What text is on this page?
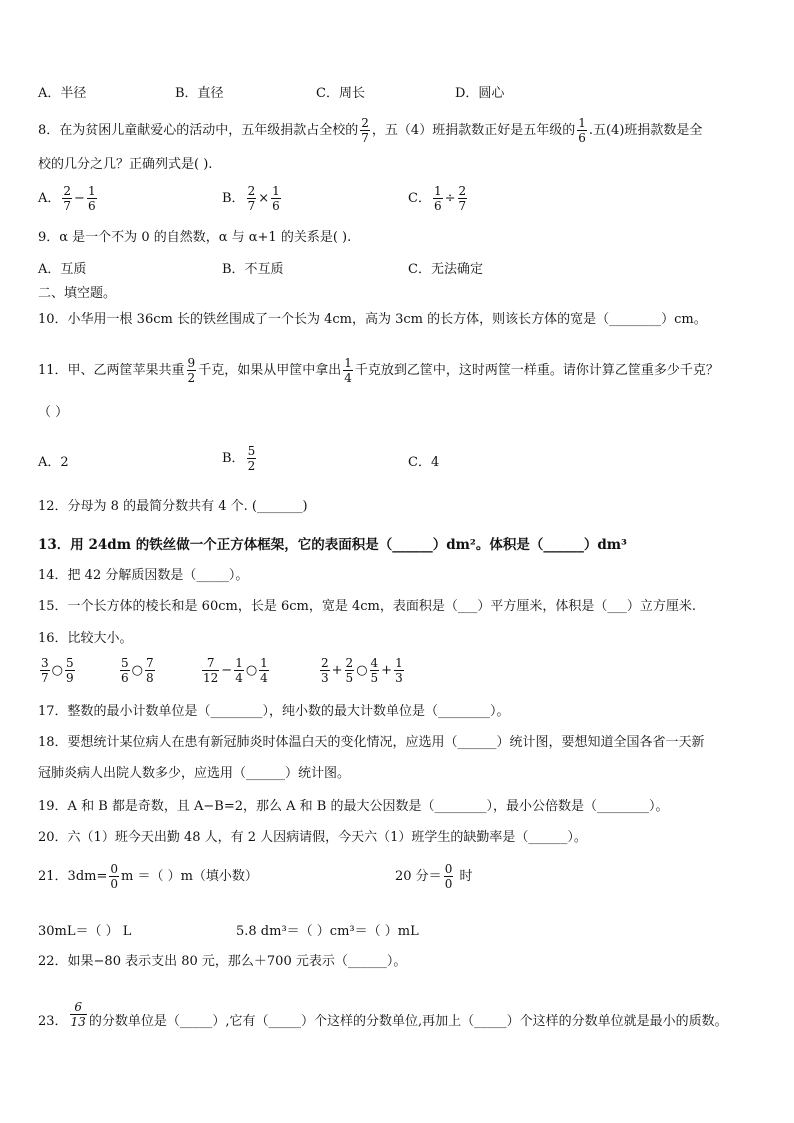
A．半径	B．直径	C．周长	D．圆心
8．在为贫困儿童献爱心的活动中，五年级捐款占全校的 $\frac{2}{7}$ ，五（4）班捐款数正好是五年级的 $\frac{1}{6}$ .五(4)班捐款数是全
校的几分之几？正确列式是( ).
A． $\frac{2}{7} - \frac{1}{6}$	B． $\frac{2}{7} \times \frac{1}{6}$	C． $\frac{1}{6} \div \frac{2}{7}$
9．α 是一个不为 0 的自然数，α 与 α+1 的关系是( ).
A．互质	B．不互质	C．无法确定
二、填空题。
10．小华用一根 36cm 长的铁丝围成了一个长为 4cm，高为 3cm 的长方体，则该长方体的宽是（________）cm。
11．甲、乙两筐苹果共重 $\frac{9}{2}$ 千克，如果从甲筐中拿出 $\frac{1}{4}$ 千克放到乙筐中，这时两筐一样重。请你计算乙筐重多少千克？
（ ）
A．2	B． $\frac{5}{2}$	C．4
12．分母为 8 的最简分数共有 4 个. (_______)
13．用 24dm 的铁丝做一个正方体框架，它的表面积是（______）dm²。体积是（______）dm³
14．把 42 分解质因数是（_____）。
15．一个长方体的棱长和是 60cm，长是 6cm，宽是 4cm，表面积是（___）平方厘米，体积是（___）立方厘米.
16．比较大小。
$\frac{3}{7}$ ○ $\frac{5}{9}$	$\frac{5}{6}$ ○ $\frac{7}{8}$	$\frac{7}{12} - \frac{1}{4}$ ○ $\frac{1}{4}$	$\frac{2}{3} + \frac{2}{5}$ ○ $\frac{4}{5} + \frac{1}{3}$
17．整数的最小计数单位是（________），纯小数的最大计数单位是（________）。
18．要想统计某位病人在患有新冠肺炎时体温白天的变化情况，应选用（______）统计图，要想知道全国各省一天新
冠肺炎病人出院人数多少，应选用（______）统计图。
19．A 和 B 都是奇数，且 A−B=2，那么 A 和 B 的最大公因数是（________），最小公倍数是（________）。
20．六（1）班今天出勤 48 人，有 2 人因病请假，今天六（1）班学生的缺勤率是（______）。
21．$3dm= \frac{0}{0}$ m ＝（ ）m（填小数）	20 分＝ $\frac{0}{0}$ 时
30mL＝（ ） L	5.8 dm³＝（ ）cm³＝（ ）mL
22．如果−80 表示支出 80 元，那么＋700 元表示（______）。
23． $\frac{6}{13}$ 的分数单位是（_____）,它有（_____）个这样的分数单位,再加上（_____）个这样的分数单位就是最小的质数。
